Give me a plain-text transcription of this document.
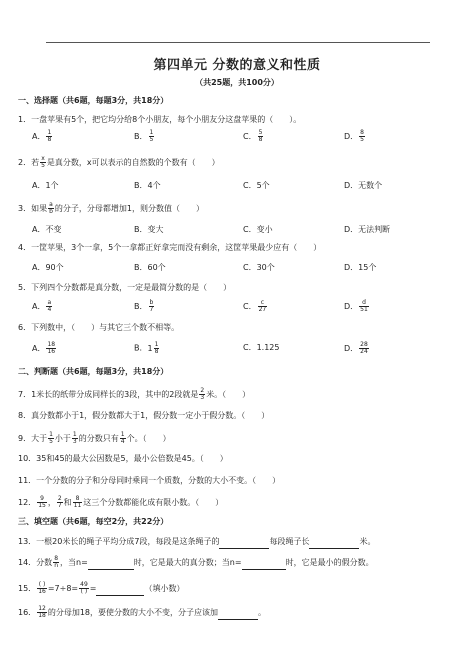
第四单元 分数的意义和性质
（共25题，共100分）
一、选择题（共6题，每题3分，共18分）
1．一盘苹果有5个，把它均分给8个小朋友，每个小朋友分这盘苹果的（　　）。
A． $\frac{1}{8}$	B． $\frac{1}{5}$	C． $\frac{5}{8}$	D． $\frac{8}{5}$
2．若 $\frac{x}{5}$ 是真分数，x可以表示的自然数的个数有（　　）
A．1个	B．4个	C．5个	D．无数个
3．如果 $\frac{a}{b}$ 的分子，分母都增加1，则分数值（　　）
A．不变	B．变大	C．变小	D．无法判断
4．一筐苹果，3个一拿，5个一拿都正好拿完而没有剩余，这筐苹果最少应有（　　）
A．90个	B．60个	C．30个	D．15个
5．下列四个分数都是真分数，一定是最简分数的是（　　）
A． $\frac{a}{4}$	B． $\frac{b}{7}$	C． $\frac{c}{27}$	D． $\frac{d}{51}$
6．下列数中，（　　）与其它三个数不相等。
A． $\frac{18}{16}$	B． $1 \frac{1}{8}$	C．1.125	D． $\frac{28}{24}$
二、判断题（共6题，每题3分，共18分）
7．1米长的纸带分成同样长的3段，其中的2段就是 $\frac{2}{3}$ 米。（　　）
8．真分数都小于1，假分数都大于1，假分数一定小于假分数。（　　）
9．大于 $\frac{1}{5}$ 小于 $\frac{1}{3}$ 的分数只有 $\frac{1}{4}$ 个。（　　）
10．35和45的最大公因数是5，最小公倍数是45。（　　）
11．一个分数的分子和分母同时乘同一个质数，分数的大小不变。（　　）
12． $\frac{9}{15}$ ， $\frac{2}{7}$ 和 $\frac{8}{11}$ 这三个分数都能化成有限小数。（　　）
三、填空题（共6题，每空2分，共22分）
13．一根20米长的绳子平均分成7段，每段是这条绳子的	每段绳子长	米。
14．分数 $\frac{8}{n}$ ，当n=	时，它是最大的真分数；当n=	时，它是最小的假分数。
15． $\frac{( )}{16} =7\div 8= \frac{49}{( )}$ =	（填小数）
16． $\frac{12}{18}$ 的分母加18，要使分数的大小不变，分子应该加	。
